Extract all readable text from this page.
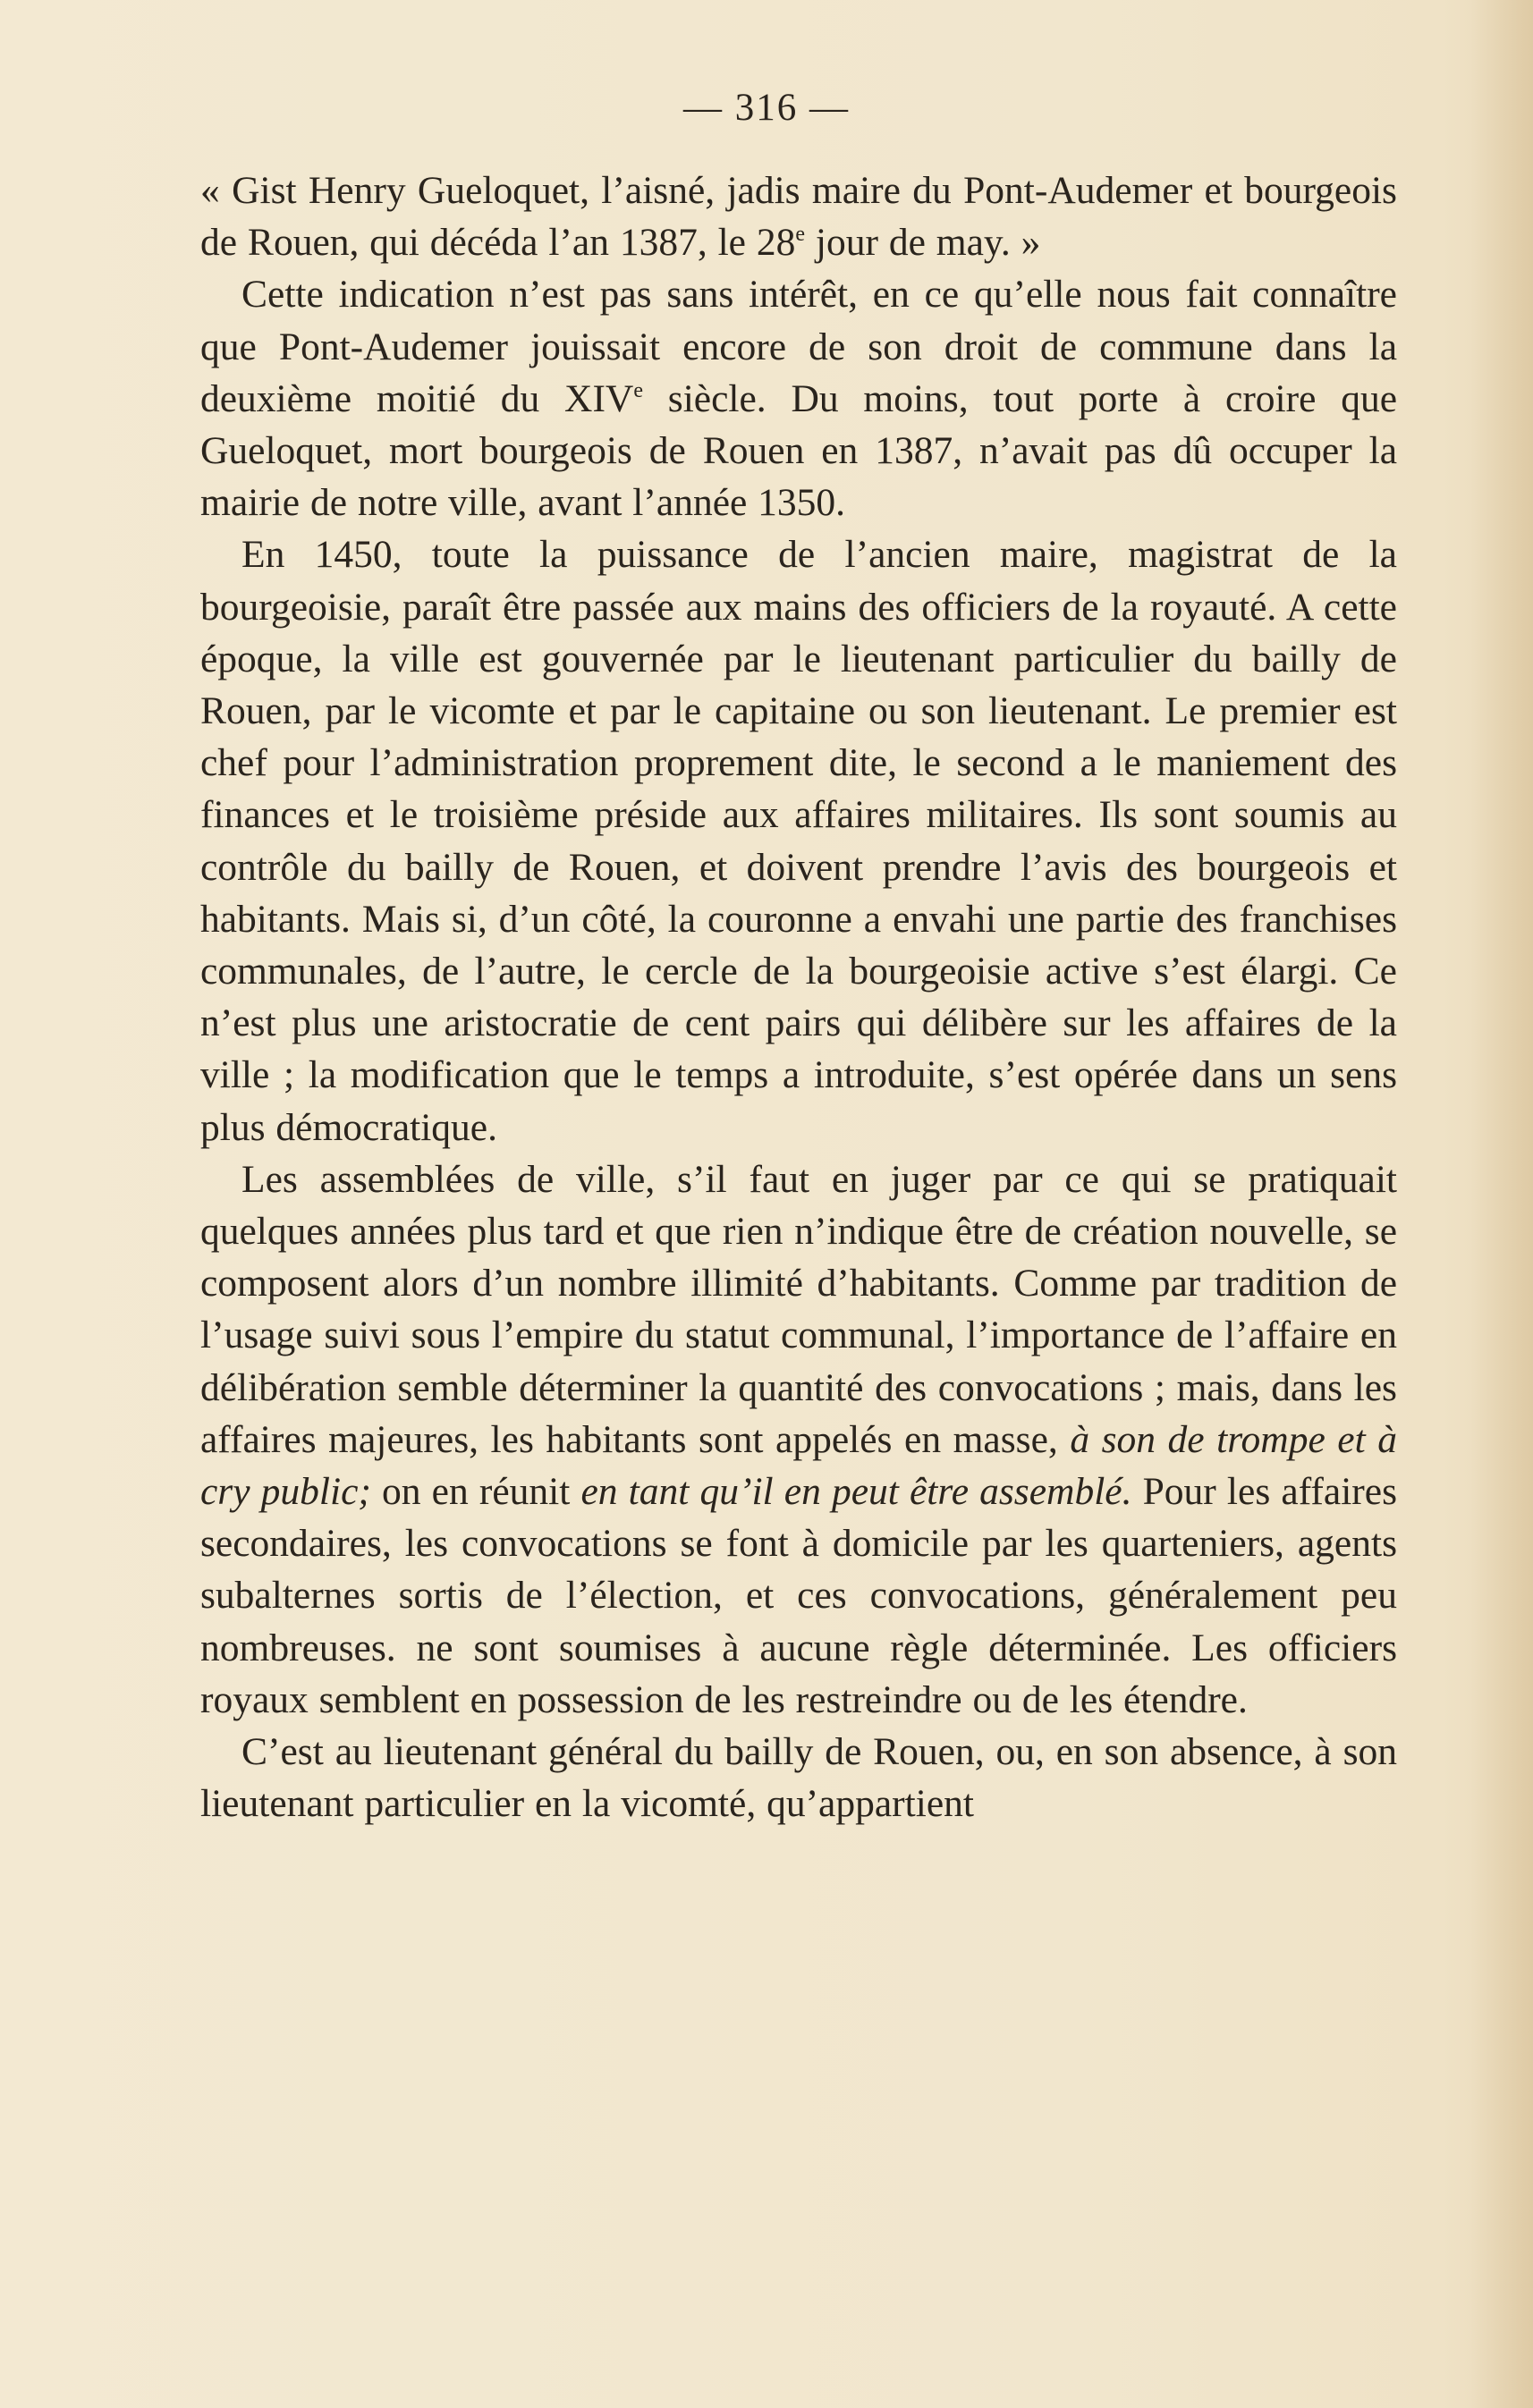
— 316 —

« Gist Henry Gueloquet, l’aisné, jadis maire du Pont-Audemer et bourgeois de Rouen, qui décéda l’an 1387, le 28e jour de may. »

Cette indication n’est pas sans intérêt, en ce qu’elle nous fait connaître que Pont-Audemer jouissait encore de son droit de commune dans la deuxième moitié du XIVe siècle. Du moins, tout porte à croire que Gueloquet, mort bourgeois de Rouen en 1387, n’avait pas dû occuper la mairie de notre ville, avant l’année 1350.

En 1450, toute la puissance de l’ancien maire, magistrat de la bourgeoisie, paraît être passée aux mains des officiers de la royauté. A cette époque, la ville est gouvernée par le lieutenant particulier du bailly de Rouen, par le vicomte et par le capitaine ou son lieutenant. Le premier est chef pour l’administration proprement dite, le second a le maniement des finances et le troisième préside aux affaires militaires. Ils sont soumis au contrôle du bailly de Rouen, et doivent prendre l’avis des bourgeois et habitants. Mais si, d’un côté, la couronne a envahi une partie des franchises communales, de l’autre, le cercle de la bourgeoisie active s’est élargi. Ce n’est plus une aristocratie de cent pairs qui délibère sur les affaires de la ville ; la modification que le temps a introduite, s’est opérée dans un sens plus démocratique.

Les assemblées de ville, s’il faut en juger par ce qui se pratiquait quelques années plus tard et que rien n’indique être de création nouvelle, se composent alors d’un nombre illimité d’habitants. Comme par tradition de l’usage suivi sous l’empire du statut communal, l’importance de l’affaire en délibération semble déterminer la quantité des convocations ; mais, dans les affaires majeures, les habitants sont appelés en masse, à son de trompe et à cry public; on en réunit en tant qu’il en peut être assemblé. Pour les affaires secondaires, les convocations se font à domicile par les quarteniers, agents subalternes sortis de l’élection, et ces convocations, généralement peu nombreuses. ne sont soumises à aucune règle déterminée. Les officiers royaux semblent en possession de les restreindre ou de les étendre.

C’est au lieutenant général du bailly de Rouen, ou, en son absence, à son lieutenant particulier en la vicomté, qu’appartient
